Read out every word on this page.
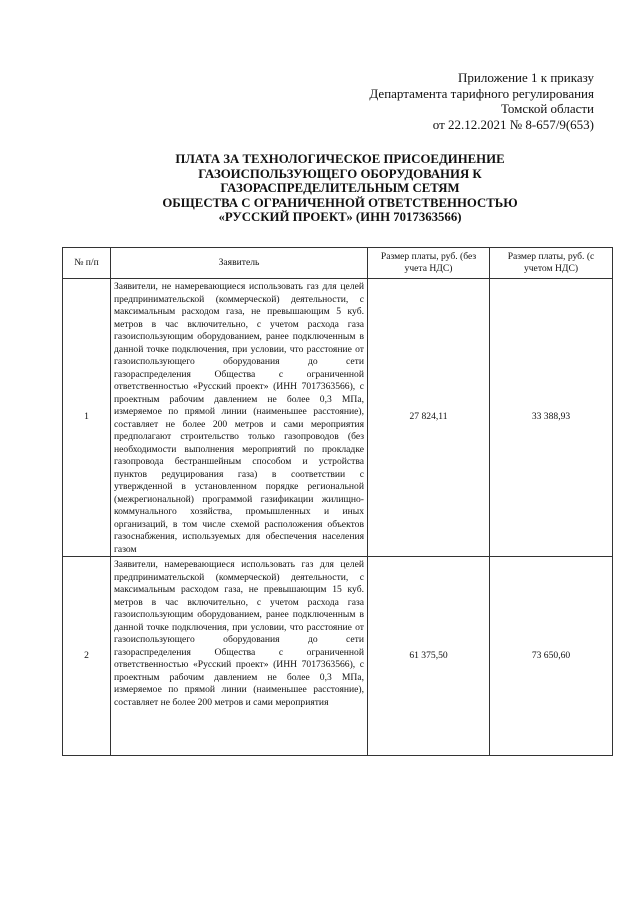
Приложение 1 к приказу
Департамента тарифного регулирования
Томской области
от 22.12.2021 № 8-657/9(653)
ПЛАТА ЗА ТЕХНОЛОГИЧЕСКОЕ ПРИСОЕДИНЕНИЕ
ГАЗОИСПОЛЬЗУЮЩЕГО ОБОРУДОВАНИЯ К
ГАЗОРАСПРЕДЕЛИТЕЛЬНЫМ СЕТЯМ
ОБЩЕСТВА С ОГРАНИЧЕННОЙ ОТВЕТСТВЕННОСТЬЮ
«РУССКИЙ ПРОЕКТ» (ИНН 7017363566)
№ п/п	Заявитель	Размер платы, руб. (без учета НДС)	Размер платы, руб. (с учетом НДС)
1	Заявители, не намеревающиеся использовать газ для целей предпринимательской (коммерческой) деятельности, с максимальным расходом газа, не превышающим 5 куб. метров в час включительно, с учетом расхода газа газоиспользующим оборудованием, ранее подключенным в данной точке подключения, при условии, что расстояние от газоиспользующего оборудования до сети газораспределения Общества с ограниченной ответственностью «Русский проект» (ИНН 7017363566), с проектным рабочим давлением не более 0,3 МПа, измеряемое по прямой линии (наименьшее расстояние), составляет не более 200 метров и сами мероприятия предполагают строительство только газопроводов (без необходимости выполнения мероприятий по прокладке газопровода бестраншейным способом и устройства пунктов редуцирования газа) в соответствии с утвержденной в установленном порядке региональной (межрегиональной) программой газификации жилищно-коммунального хозяйства, промышленных и иных организаций, в том числе схемой расположения объектов газоснабжения, используемых для обеспечения населения газом	27 824,11	33 388,93
2	Заявители, намеревающиеся использовать газ для целей предпринимательской (коммерческой) деятельности, с максимальным расходом газа, не превышающим 15 куб. метров в час включительно, с учетом расхода газа газоиспользующим оборудованием, ранее подключенным в данной точке подключения, при условии, что расстояние от газоиспользующего оборудования до сети газораспределения Общества с ограниченной ответственностью «Русский проект» (ИНН 7017363566), с проектным рабочим давлением не более 0,3 МПа, измеряемое по прямой линии (наименьшее расстояние), составляет не более 200 метров и сами мероприятия	61 375,50	73 650,60
